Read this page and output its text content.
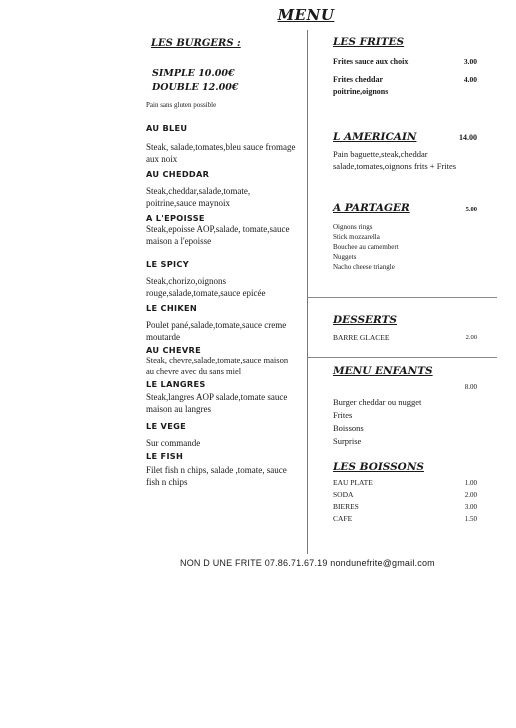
MENU
LES BURGERS :
SIMPLE 10.00€
DOUBLE 12.00€
Pain sans gluten possible
AU BLEU
Steak, salade,tomates,bleu sauce fromage aux noix
AU CHEDDAR
Steak,cheddar,salade,tomate, poitrine,sauce maynoix
A L'EPOISSE
Steak,epoisse AOP,salade, tomate,sauce maison a l'epoisse
LE SPICY
Steak,chorizo,oignons rouge,salade,tomate,sauce epicée
LE CHIKEN
Poulet pané,salade,tomate,sauce creme moutarde
AU CHEVRE
Steak, chevre,salade,tomate,sauce maison au chevre avec du sans miel
LE LANGRES
Steak,langres AOP salade,tomate sauce maison au langres
LE VEGE
Sur commande
LE FISH
Filet fish n chips, salade ,tomate, sauce fish n chips
LES FRITES
Frites sauce aux choix	3.00
Frites cheddar poitrine,oignons
4.00
L AMERICAIN	14.00
Pain baguette,steak,cheddar salade,tomates,oignons frits + Frites
A PARTAGER	5.00
Oignons rings
Stick mozzarella
Bouchee au camembert
Nuggets
Nacho cheese triangle
DESSERTS
BARRE GLACEE	2.00
MENU ENFANTS
8.00
Burger cheddar ou nugget
Frites
Boissons
Surprise
LES BOISSONS
EAU PLATE	1.00
SODA	2.00
BIERES	3.00
CAFE	1.50
NON D UNE FRITE 07.86.71.67.19 nondunefrite@gmail.com
